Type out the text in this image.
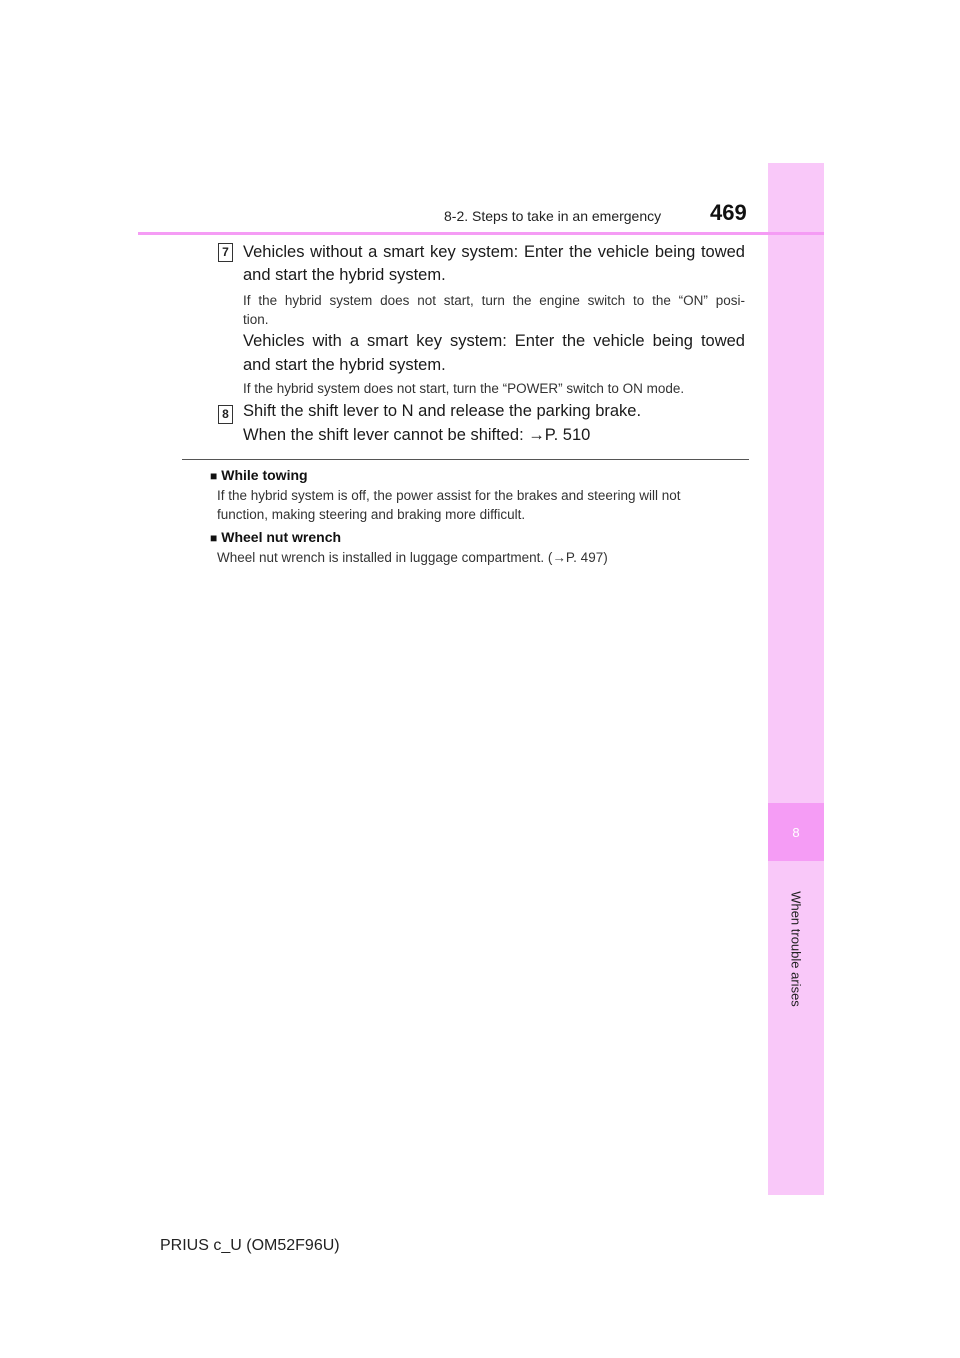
8
When trouble arises
8-2. Steps to take in an emergency 469
7 Vehicles without a smart key system: Enter the vehicle being towed
and start the hybrid system.
If the hybrid system does not start, turn the engine switch to the “ON” posi-
tion.
Vehicles with a smart key system: Enter the vehicle being towed
and start the hybrid system.
If the hybrid system does not start, turn the “POWER” switch to ON mode.
8 Shift the shift lever to N and release the parking brake.
When the shift lever cannot be shifted: →P. 510
■ While towing
If the hybrid system is off, the power assist for the brakes and steering will not
function, making steering and braking more difficult.
■ Wheel nut wrench
Wheel nut wrench is installed in luggage compartment. (→P. 497)
PRIUS c_U (OM52F96U)
